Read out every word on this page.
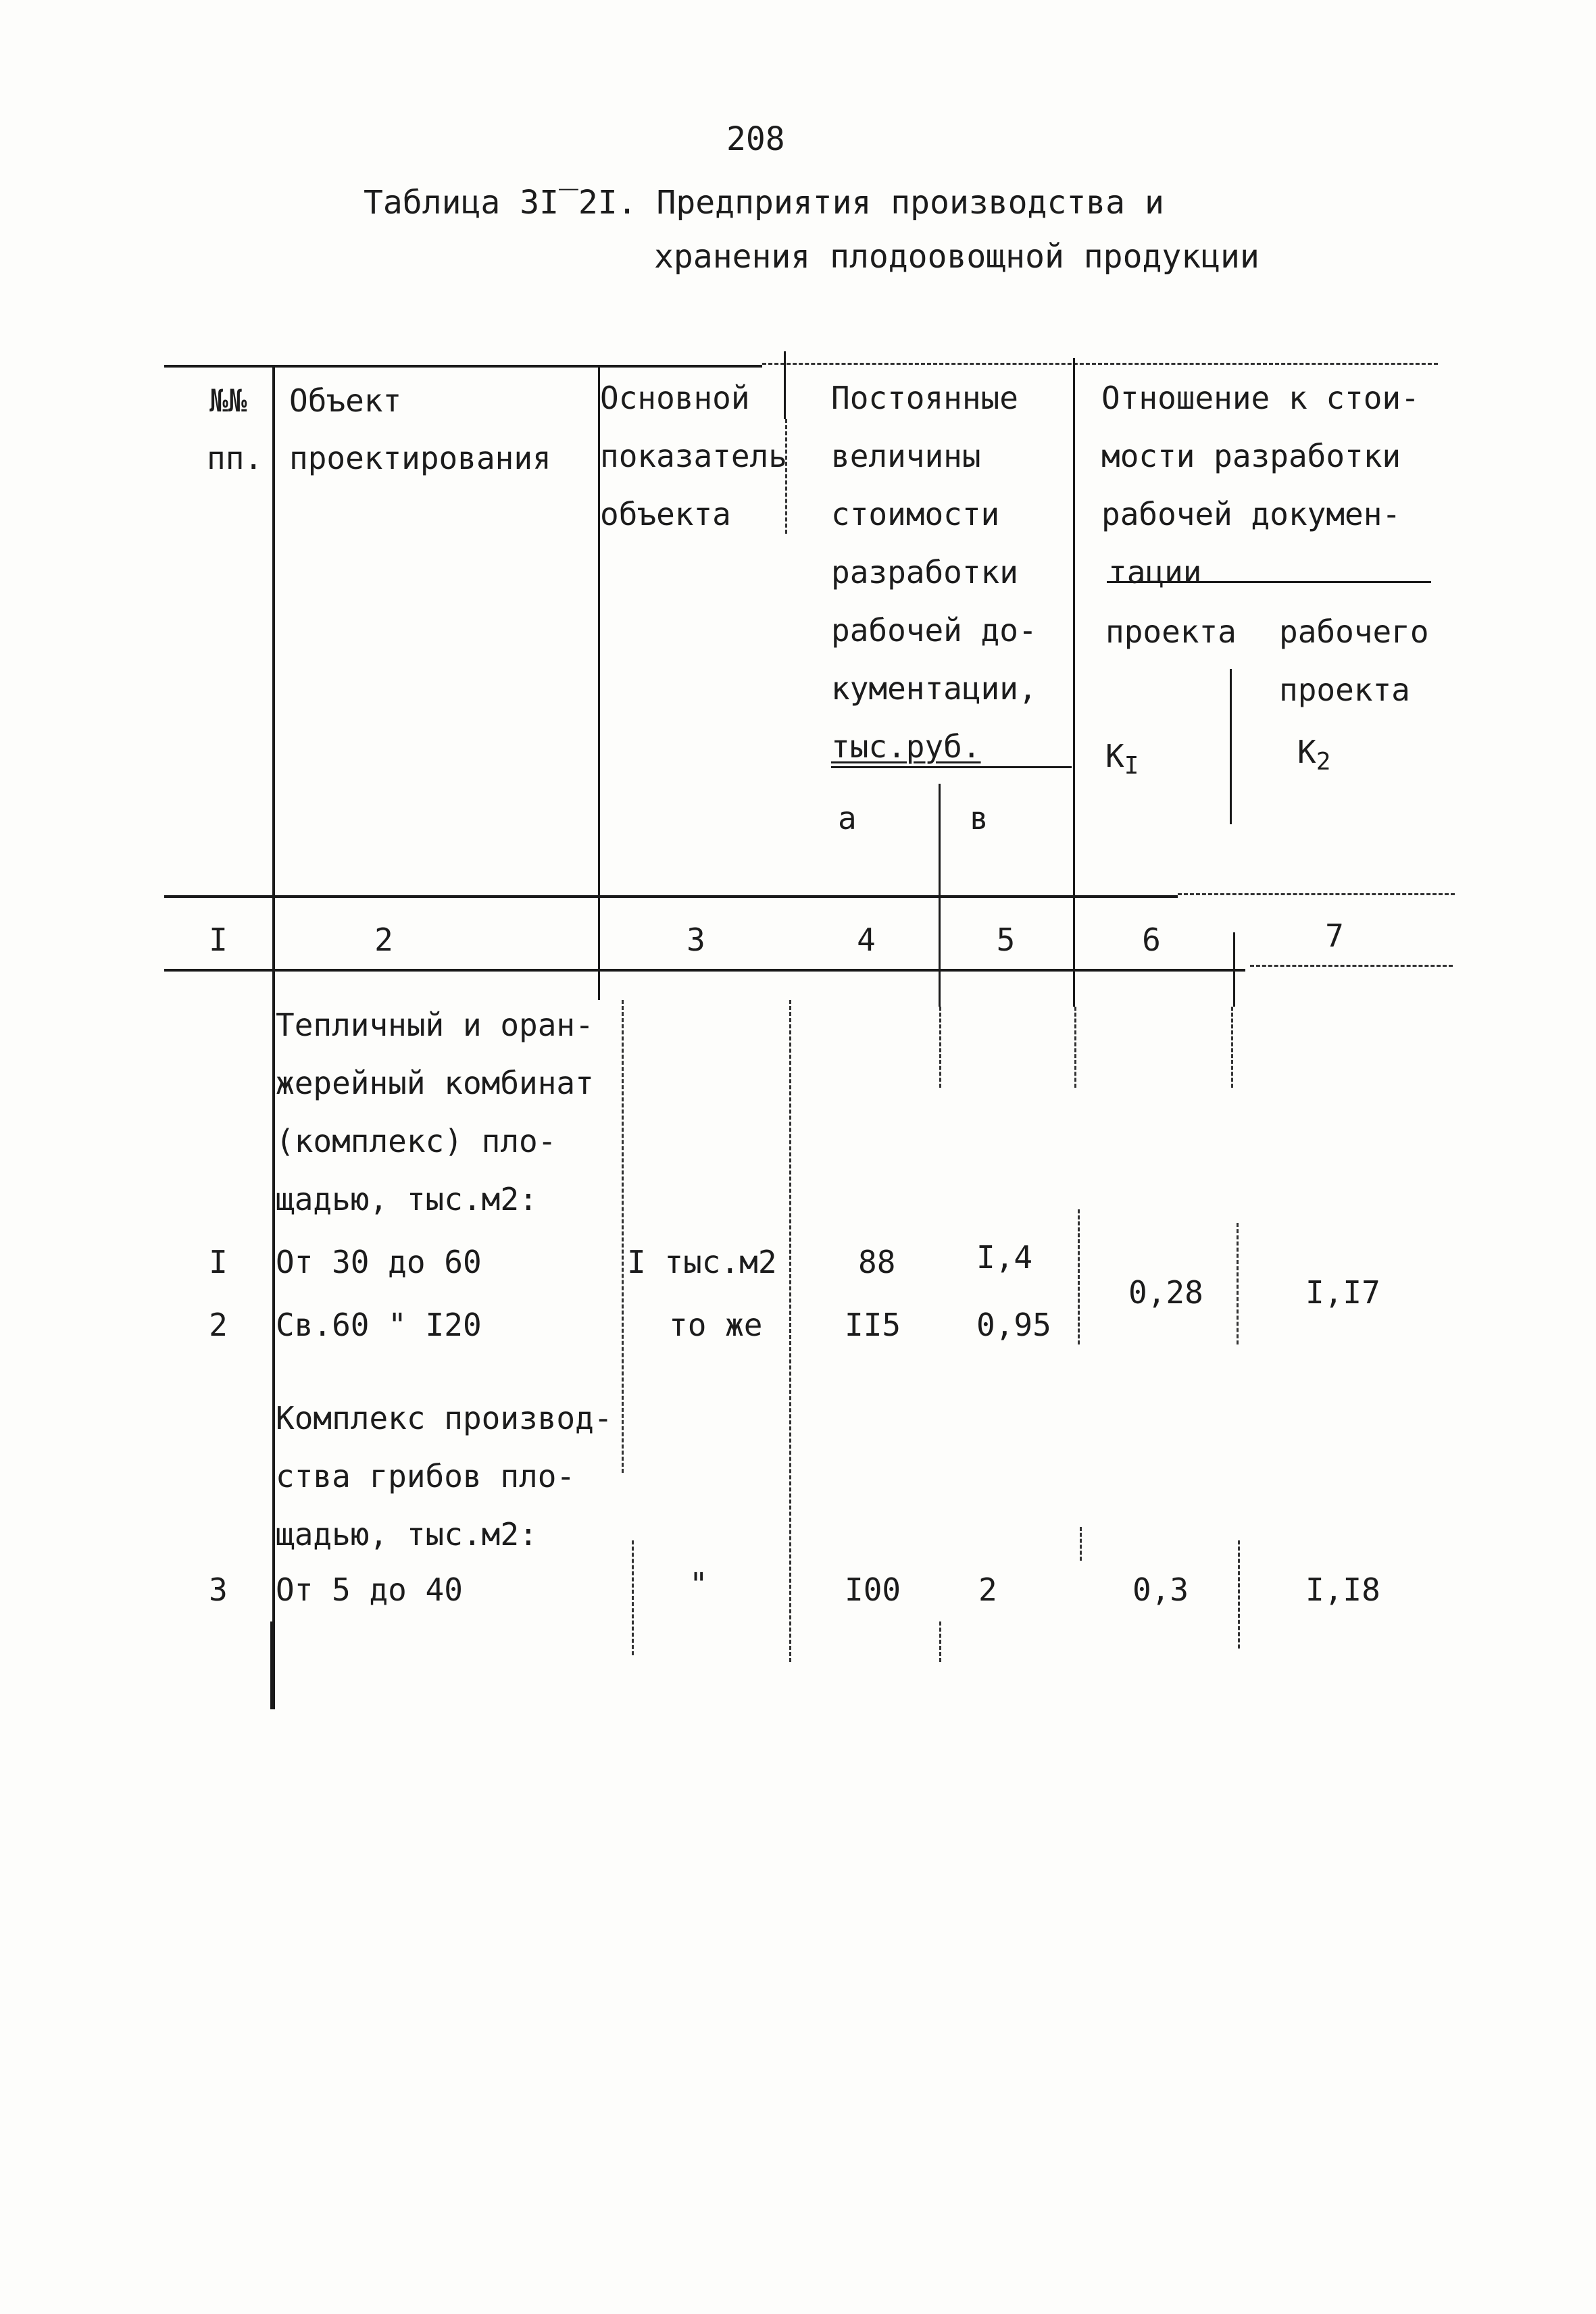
208
Таблица 3I‾2I. Предприятия производства и
хранения плодоовощной продукции
№№
пп.
Объект
проектирования
Основной
показатель
объекта
Постоянные
величины
стоимости
разработки
рабочей до-
кументации,
тыс.руб.
а	в
Отношение к стои-
мости разработки
рабочей докумен-
тации
проекта
$К_I$
рабочего
проекта
$К_2$
I	2	3	4	5	6	7
Тепличный и оран-
жерейный комбинат
(комплекс) пло-
щадью, тыс.м2:
I	От 30 до 60	I тыс.м2	88	I,4
2	Св.60 " I20	то же	II5 0,95
0,28	I,I7
Комплекс производ-
ства грибов пло-
щадью, тыс.м2:
3	От 5 до 40	"	I00 2	0,3	I,I8
